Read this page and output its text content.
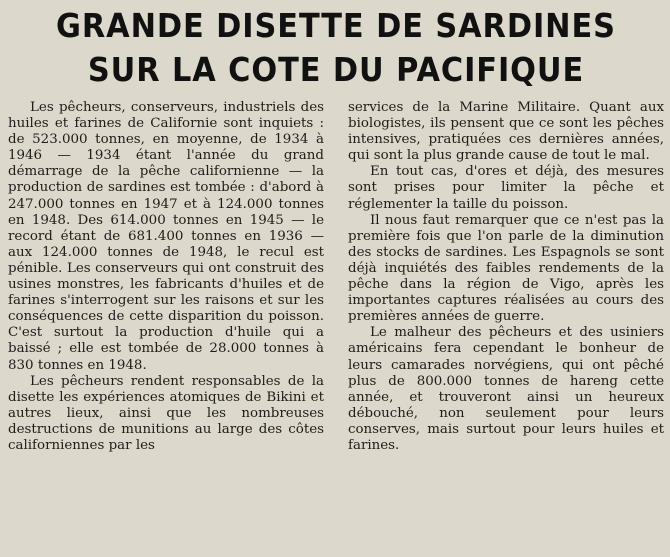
GRANDE DISETTE DE SARDINES
SUR LA COTE DU PACIFIQUE

Les pêcheurs, conserveurs, industriels des huiles et farines de Californie sont inquiets : de 523.000 tonnes, en moyenne, de 1934 à 1946 — 1934 étant l'année du grand démarrage de la pêche californienne — la production de sardines est tombée : d'abord à 247.000 tonnes en 1947 et à 124.000 tonnes en 1948. Des 614.000 tonnes en 1945 — le record étant de 681.400 tonnes en 1936 — aux 124.000 tonnes de 1948, le recul est pénible. Les conserveurs qui ont construit des usines monstres, les fabricants d'huiles et de farines s'interrogent sur les raisons et sur les conséquences de cette disparition du poisson. C'est surtout la production d'huile qui a baissé ; elle est tombée de 28.000 tonnes à 830 tonnes en 1948.

Les pêcheurs rendent responsables de la disette les expériences atomiques de Bikini et autres lieux, ainsi que les nombreuses destructions de munitions au large des côtes californiennes par les

services de la Marine Militaire. Quant aux biologistes, ils pensent que ce sont les pêches intensives, pratiquées ces dernières années, qui sont la plus grande cause de tout le mal.

En tout cas, d'ores et déjà, des mesures sont prises pour limiter la pêche et réglementer la taille du poisson.

Il nous faut remarquer que ce n'est pas la première fois que l'on parle de la diminution des stocks de sardines. Les Espagnols se sont déjà inquiétés des faibles rendements de la pêche dans la région de Vigo, après les importantes captures réalisées au cours des premières années de guerre.

Le malheur des pêcheurs et des usiniers américains fera cependant le bonheur de leurs camarades norvégiens, qui ont pêché plus de 800.000 tonnes de hareng cette année, et trouveront ainsi un heureux débouché, non seulement pour leurs conserves, mais surtout pour leurs huiles et farines.
